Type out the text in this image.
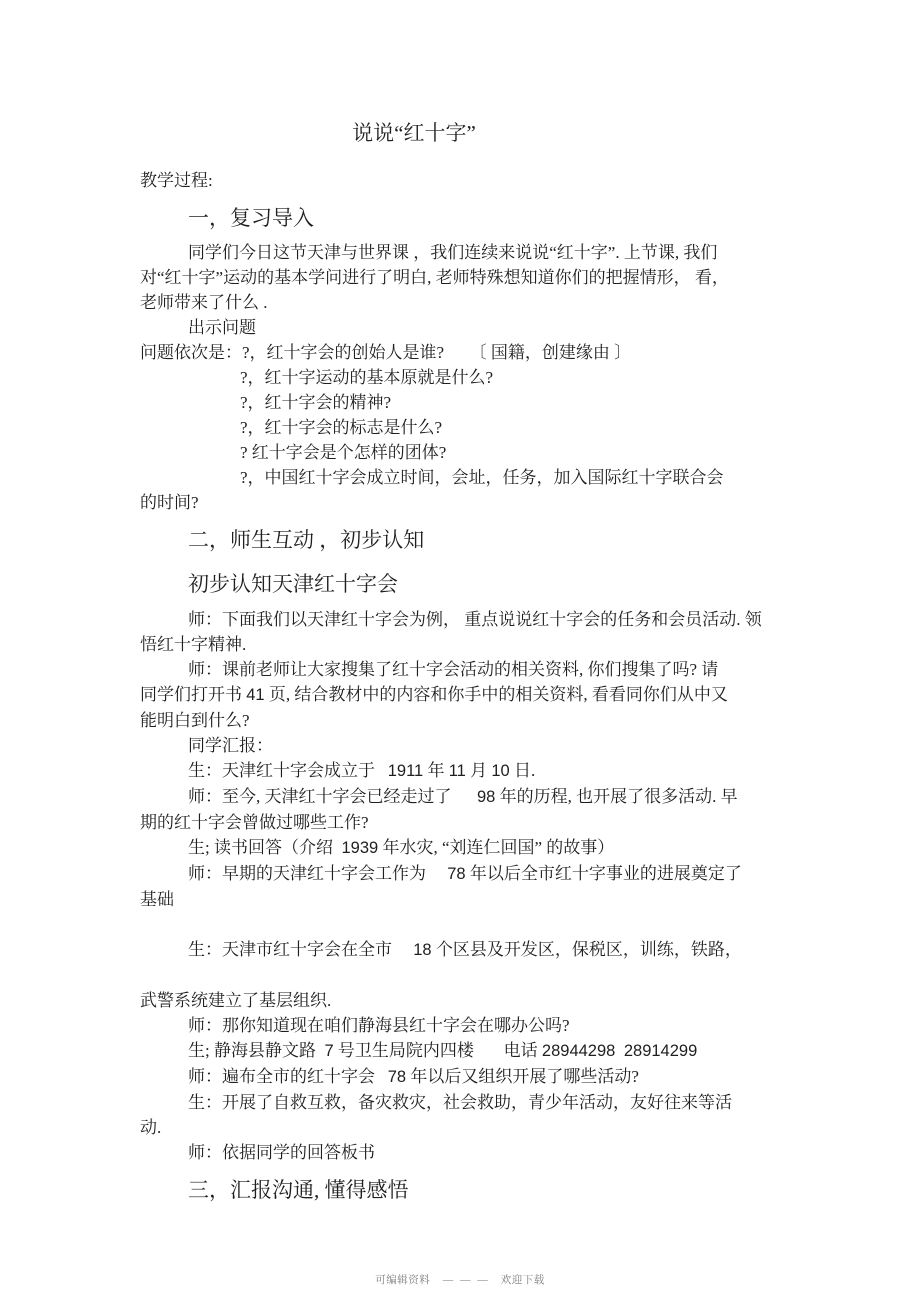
说说“红十字”

教学过程:

一，复习导入

同学们今日这节天津与世界课 ，我们连续来说说“红十字”. 上节课, 我们

对“红十字”运动的基本学问进行了明白, 老师特殊想知道你们的把握情形， 看，

老师带来了什么 .

出示问题

问题依次是：?，红十字会的创始人是谁?      〔 国籍，创建缘由 〕

?，红十字运动的基本原就是什么?

?，红十字会的精神?

?，红十字会的标志是什么?

? 红十字会是个怎样的团体?

?，中国红十字会成立时间，会址，任务，加入国际红十字联合会

的时间?

二，师生互动 ，初步认知

初步认知天津红十字会

师：下面我们以天津红十字会为例， 重点说说红十字会的任务和会员活动. 领

悟红十字精神.

师：课前老师让大家搜集了红十字会活动的相关资料, 你们搜集了吗? 请

同学们打开书 41 页, 结合教材中的内容和你手中的相关资料, 看看同你们从中又

能明白到什么?

同学汇报：

生：天津红十字会成立于   1911 年 11 月 10 日.

师：至今, 天津红十字会已经走过了      98 年的历程, 也开展了很多活动. 早

期的红十字会曾做过哪些工作?

生; 读书回答（介绍  1939 年水灾, “刘连仁回国” 的故事）

师：早期的天津红十字会工作为     78 年以后全市红十字事业的进展奠定了

基础

生：天津市红十字会在全市     18 个区县及开发区，保税区，训练，铁路，

武警系统建立了基层组织.

师：那你知道现在咱们静海县红十字会在哪办公吗?

生; 静海县静文路  7 号卫生局院内四楼       电话 28944298 28914299

师：遍布全市的红十字会   78 年以后又组织开展了哪些活动?

生：开展了自救互救，备灾救灾，社会救助，青少年活动，友好往来等活

动.

师：依据同学的回答板书

三，汇报沟通, 懂得感悟

可编辑资料    —  —  —    欢迎下载
